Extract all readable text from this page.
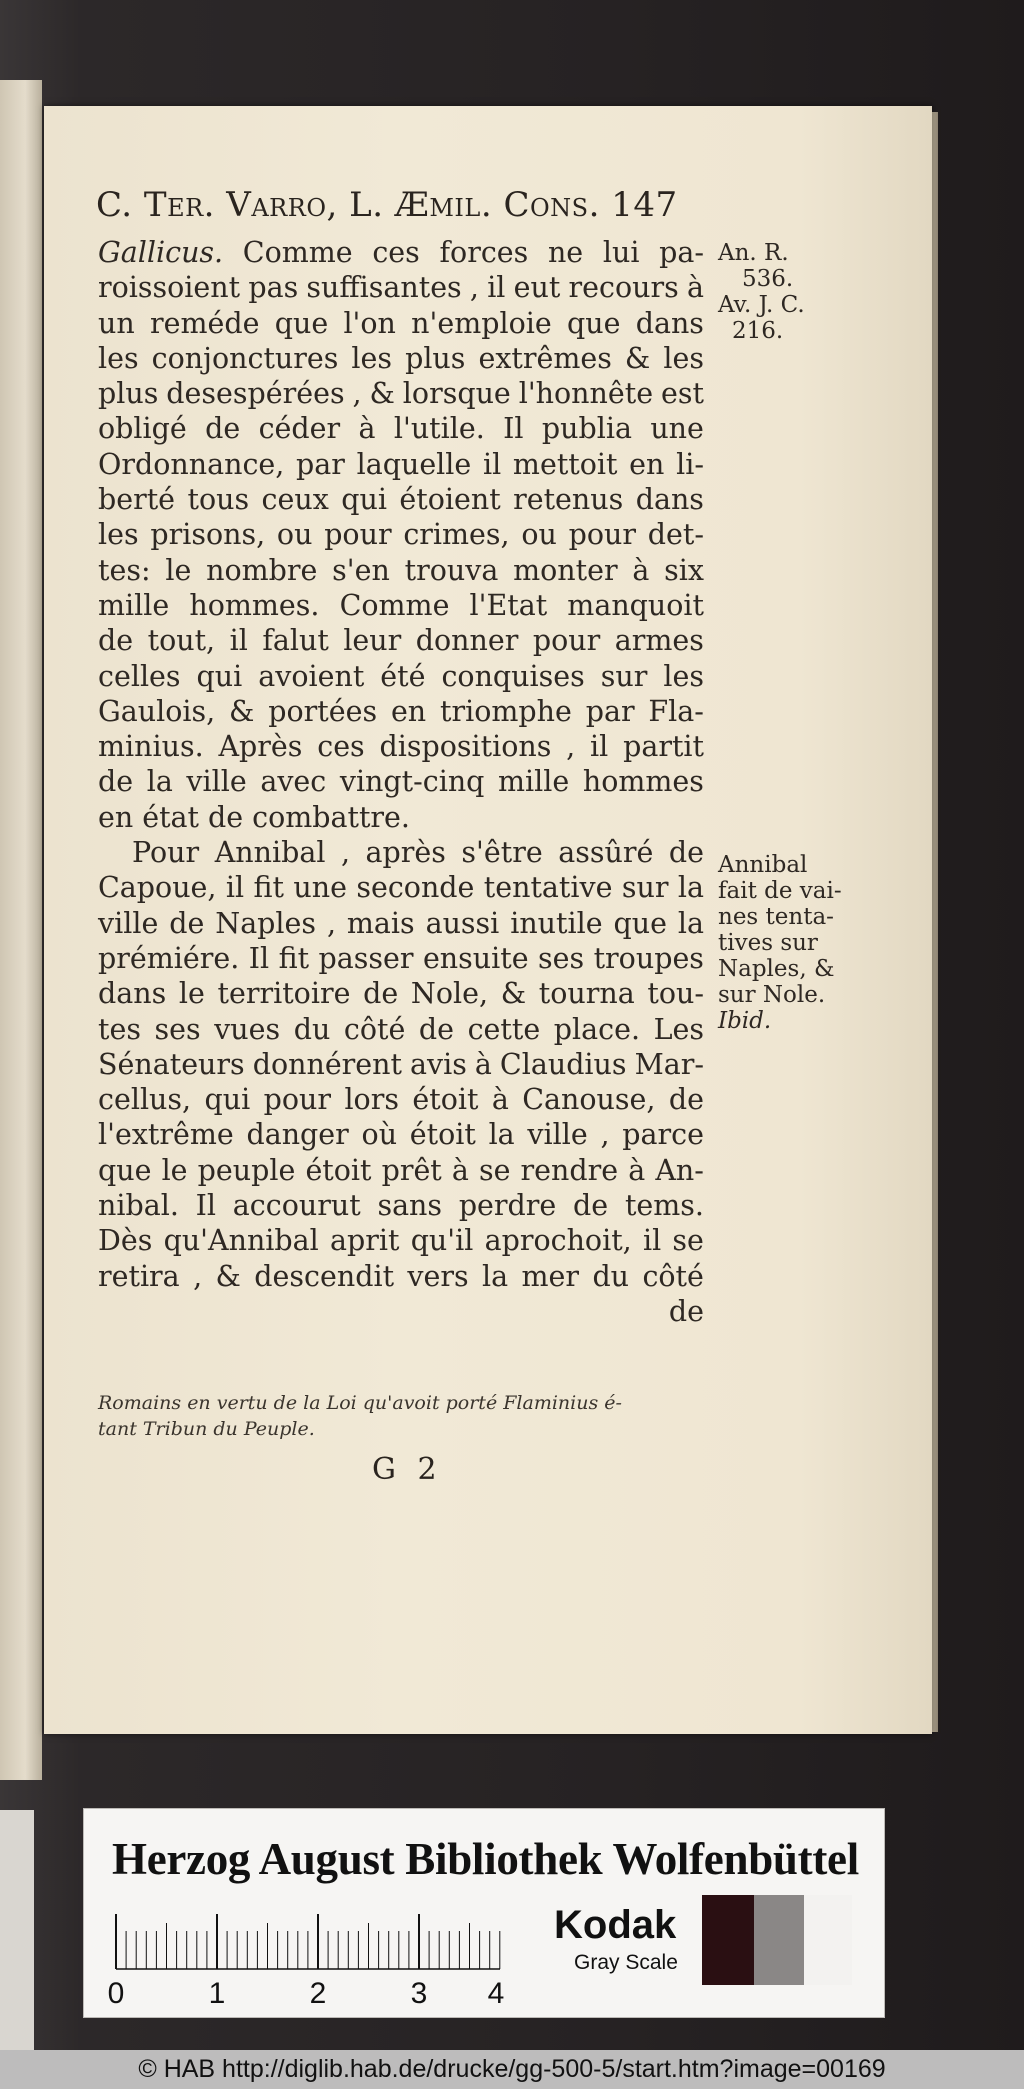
C. Ter. Varro, L. Æmil. Cons. 147
Gallicus. Comme ces forces ne lui pa-
roissoient pas suffisantes , il eut recours à
un reméde que l'on n'emploie que dans
les conjonctures les plus extrêmes & les
plus desespérées , & lorsque l'honnête est
obligé de céder à l'utile. Il publia une
Ordonnance, par laquelle il mettoit en li-
berté tous ceux qui étoient retenus dans
les prisons, ou pour crimes, ou pour det-
tes: le nombre s'en trouva monter à six
mille hommes. Comme l'Etat manquoit
de tout, il falut leur donner pour armes
celles qui avoient été conquises sur les
Gaulois, & portées en triomphe par Fla-
minius. Après ces dispositions , il partit
de la ville avec vingt-cinq mille hommes
en état de combattre.
Pour Annibal , après s'être assûré de
Capoue, il fit une seconde tentative sur la
ville de Naples , mais aussi inutile que la
prémiére. Il fit passer ensuite ses troupes
dans le territoire de Nole, & tourna tou-
tes ses vues du côté de cette place. Les
Sénateurs donnérent avis à Claudius Mar-
cellus, qui pour lors étoit à Canouse, de
l'extrême danger où étoit la ville , parce
que le peuple étoit prêt à se rendre à An-
nibal. Il accourut sans perdre de tems.
Dès qu'Annibal aprit qu'il aprochoit, il se
retira , & descendit vers la mer du côté
de
An. R.
536.
Av. J. C.
216.
Annibal
fait de vai-
nes tenta-
tives sur
Naples, &
sur Nole.
Ibid.
Romains en vertu de la Loi qu'avoit porté Flaminius é-
tant Tribun du Peuple.
G 2
Herzog August Bibliothek Wolfenbüttel
0	1	2	3 4
Kodak
Gray Scale
© HAB http://diglib.hab.de/drucke/gg-500-5/start.htm?image=00169
